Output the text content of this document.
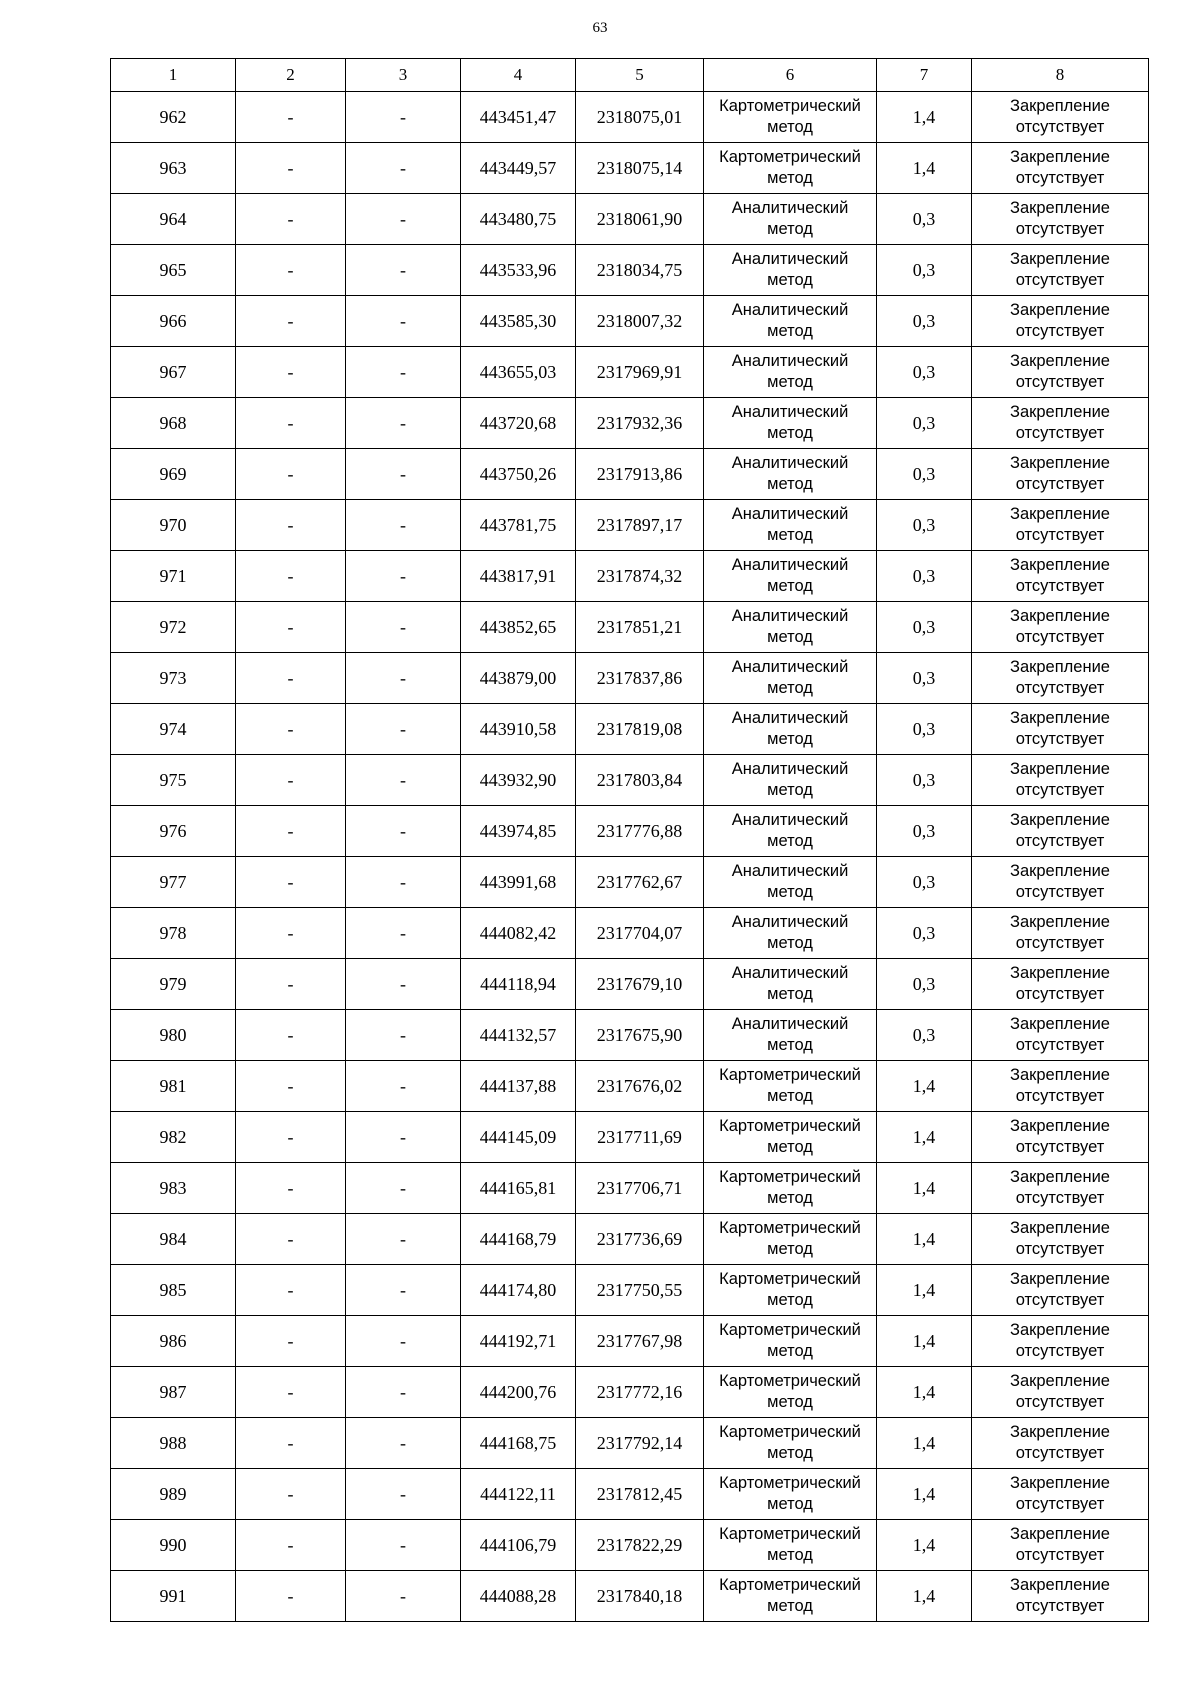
63
1	2	3	4	5	6	7	8
962	-	-	443451,47	2318075,01	Картометрический
метод	1,4	Закрепление
отсутствует

963	-	-	443449,57	2318075,14	Картометрический
метод	1,4	Закрепление
отсутствует

964	-	-	443480,75	2318061,90	Аналитический
метод	0,3	Закрепление
отсутствует

965	-	-	443533,96	2318034,75	Аналитический
метод	0,3	Закрепление
отсутствует

966	-	-	443585,30	2318007,32	Аналитический
метод	0,3	Закрепление
отсутствует

967	-	-	443655,03	2317969,91	Аналитический
метод	0,3	Закрепление
отсутствует

968	-	-	443720,68	2317932,36	Аналитический
метод	0,3	Закрепление
отсутствует

969	-	-	443750,26	2317913,86	Аналитический
метод	0,3	Закрепление
отсутствует

970	-	-	443781,75	2317897,17	Аналитический
метод	0,3	Закрепление
отсутствует

971	-	-	443817,91	2317874,32	Аналитический
метод	0,3	Закрепление
отсутствует

972	-	-	443852,65	2317851,21	Аналитический
метод	0,3	Закрепление
отсутствует

973	-	-	443879,00	2317837,86	Аналитический
метод	0,3	Закрепление
отсутствует

974	-	-	443910,58	2317819,08	Аналитический
метод	0,3	Закрепление
отсутствует

975	-	-	443932,90	2317803,84	Аналитический
метод	0,3	Закрепление
отсутствует

976	-	-	443974,85	2317776,88	Аналитический
метод	0,3	Закрепление
отсутствует

977	-	-	443991,68	2317762,67	Аналитический
метод	0,3	Закрепление
отсутствует

978	-	-	444082,42	2317704,07	Аналитический
метод	0,3	Закрепление
отсутствует

979	-	-	444118,94	2317679,10	Аналитический
метод	0,3	Закрепление
отсутствует

980	-	-	444132,57	2317675,90	Аналитический
метод	0,3	Закрепление
отсутствует

981	-	-	444137,88	2317676,02	Картометрический
метод	1,4	Закрепление
отсутствует

982	-	-	444145,09	2317711,69	Картометрический
метод	1,4	Закрепление
отсутствует

983	-	-	444165,81	2317706,71	Картометрический
метод	1,4	Закрепление
отсутствует

984	-	-	444168,79	2317736,69	Картометрический
метод	1,4	Закрепление
отсутствует

985	-	-	444174,80	2317750,55	Картометрический
метод	1,4	Закрепление
отсутствует

986	-	-	444192,71	2317767,98	Картометрический
метод	1,4	Закрепление
отсутствует

987	-	-	444200,76	2317772,16	Картометрический
метод	1,4	Закрепление
отсутствует

988	-	-	444168,75	2317792,14	Картометрический
метод	1,4	Закрепление
отсутствует

989	-	-	444122,11	2317812,45	Картометрический
метод	1,4	Закрепление
отсутствует

990	-	-	444106,79	2317822,29	Картометрический
метод	1,4	Закрепление
отсутствует

991	-	-	444088,28	2317840,18	Картометрический
метод	1,4	Закрепление
отсутствует
